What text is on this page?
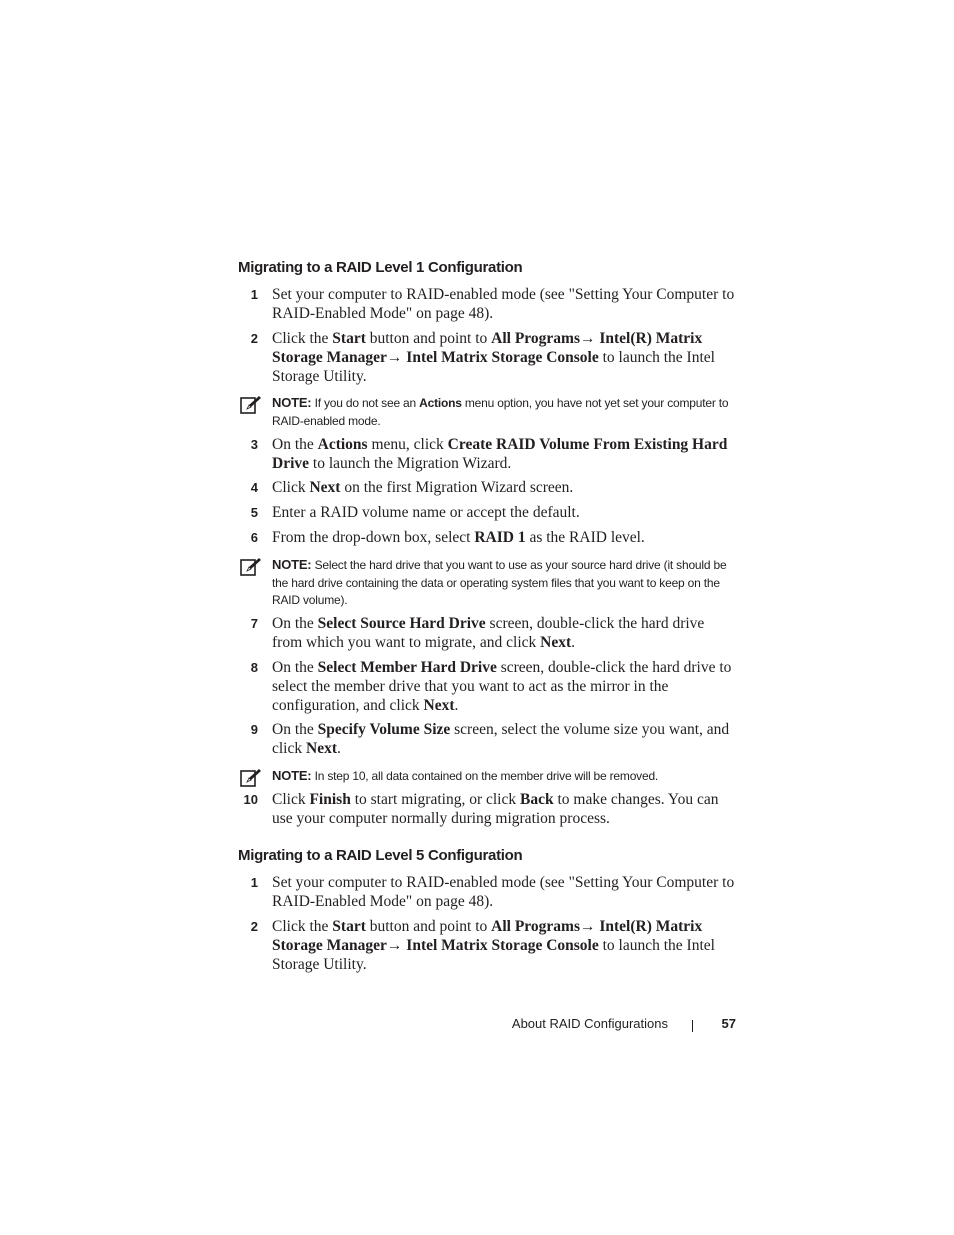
Migrating to a RAID Level 1 Configuration
1 Set your computer to RAID-enabled mode (see "Setting Your Computer to RAID-Enabled Mode" on page 48).
2 Click the Start button and point to All Programs→ Intel(R) Matrix Storage Manager→ Intel Matrix Storage Console to launch the Intel Storage Utility.
NOTE: If you do not see an Actions menu option, you have not yet set your computer to RAID-enabled mode.
3 On the Actions menu, click Create RAID Volume From Existing Hard Drive to launch the Migration Wizard.
4 Click Next on the first Migration Wizard screen.
5 Enter a RAID volume name or accept the default.
6 From the drop-down box, select RAID 1 as the RAID level.
NOTE: Select the hard drive that you want to use as your source hard drive (it should be the hard drive containing the data or operating system files that you want to keep on the RAID volume).
7 On the Select Source Hard Drive screen, double-click the hard drive from which you want to migrate, and click Next.
8 On the Select Member Hard Drive screen, double-click the hard drive to select the member drive that you want to act as the mirror in the configuration, and click Next.
9 On the Specify Volume Size screen, select the volume size you want, and click Next.
NOTE: In step 10, all data contained on the member drive will be removed.
10 Click Finish to start migrating, or click Back to make changes. You can use your computer normally during migration process.
Migrating to a RAID Level 5 Configuration
1 Set your computer to RAID-enabled mode (see "Setting Your Computer to RAID-Enabled Mode" on page 48).
2 Click the Start button and point to All Programs→ Intel(R) Matrix Storage Manager→ Intel Matrix Storage Console to launch the Intel Storage Utility.
About RAID Configurations	57
